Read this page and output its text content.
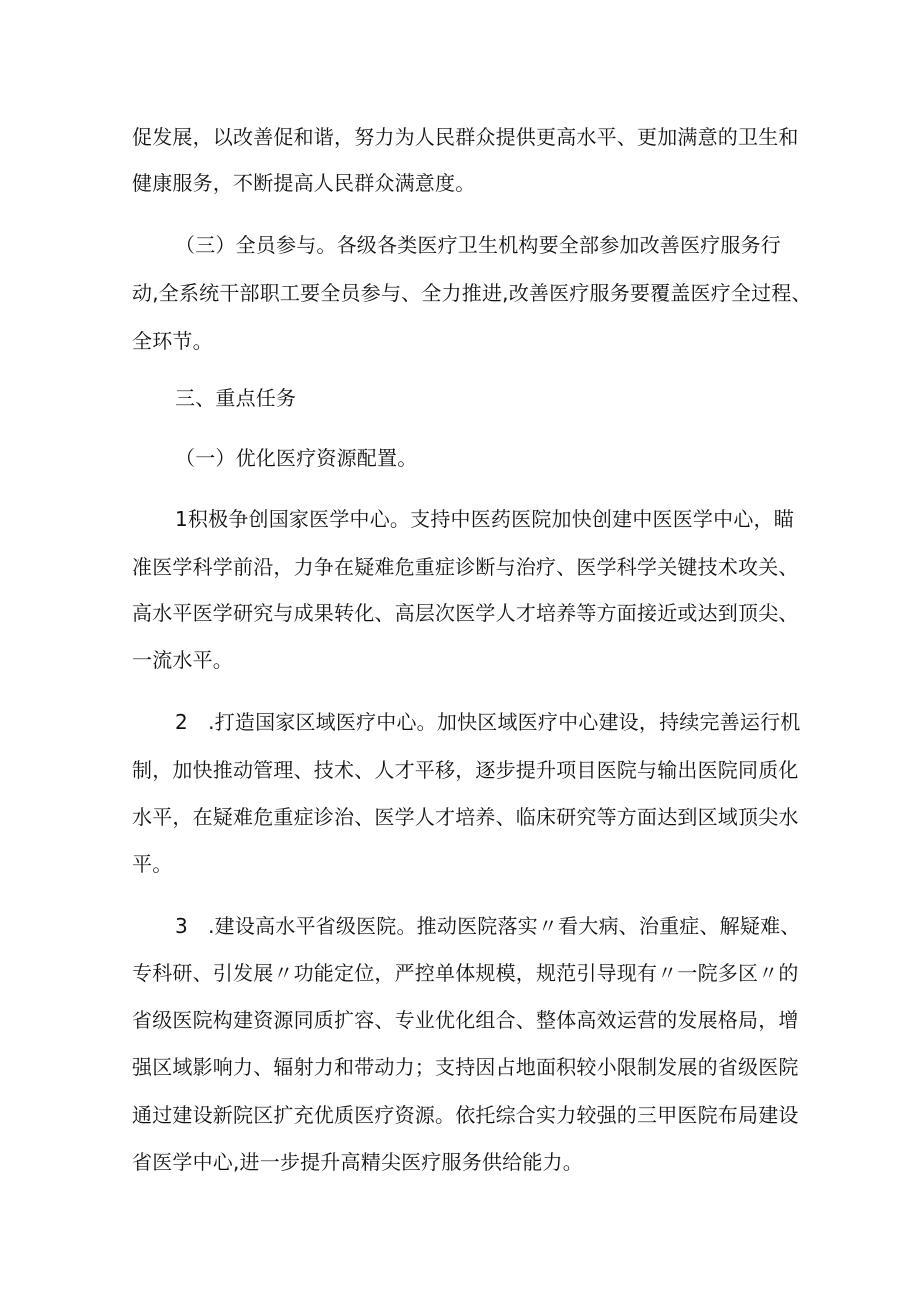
促发展，以改善促和谐，努力为人民群众提供更高水平、更加满意的卫生和
健康服务，不断提高人民群众满意度。
（三）全员参与。各级各类医疗卫生机构要全部参加改善医疗服务行
动,全系统干部职工要全员参与、全力推进,改善医疗服务要覆盖医疗全过程、
全环节。
三、重点任务
（一）优化医疗资源配置。
1积极争创国家医学中心。支持中医药医院加快创建中医医学中心，瞄
准医学科学前沿，力争在疑难危重症诊断与治疗、医学科学关键技术攻关、
高水平医学研究与成果转化、高层次医学人才培养等方面接近或达到顶尖、
一流水平。
2　.打造国家区域医疗中心。加快区域医疗中心建设，持续完善运行机
制，加快推动管理、技术、人才平移，逐步提升项目医院与输出医院同质化
水平，在疑难危重症诊治、医学人才培养、临床研究等方面达到区域顶尖水
平。
3　.建设高水平省级医院。推动医院落实〃看大病、治重症、解疑难、
专科研、引发展〃功能定位，严控单体规模，规范引导现有〃一院多区〃的
省级医院构建资源同质扩容、专业优化组合、整体高效运营的发展格局，增
强区域影响力、辐射力和带动力；支持因占地面积较小限制发展的省级医院
通过建设新院区扩充优质医疗资源。依托综合实力较强的三甲医院布局建设
省医学中心,进一步提升高精尖医疗服务供给能力。
